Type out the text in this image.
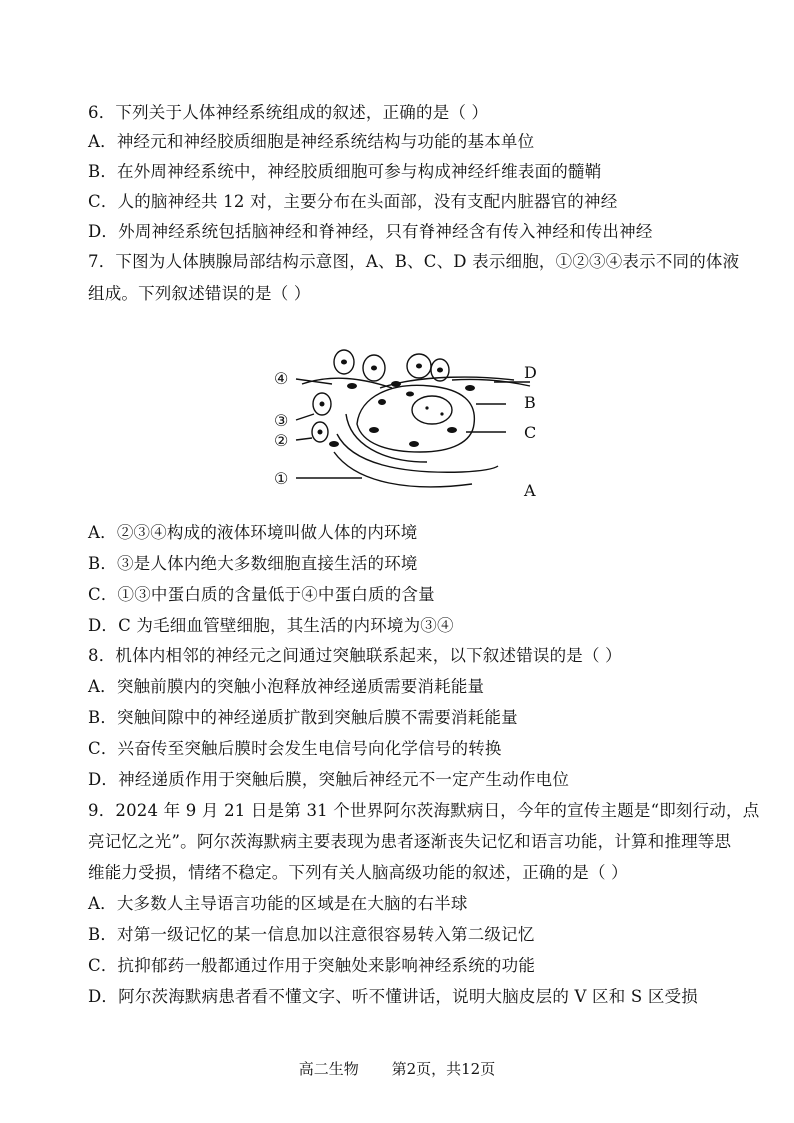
6．下列关于人体神经系统组成的叙述，正确的是（ ）
A．神经元和神经胶质细胞是神经系统结构与功能的基本单位
B．在外周神经系统中，神经胶质细胞可参与构成神经纤维表面的髓鞘
C．人的脑神经共 12 对，主要分布在头面部，没有支配内脏器官的神经
D．外周神经系统包括脑神经和脊神经，只有脊神经含有传入神经和传出神经
7．下图为人体胰腺局部结构示意图，A、B、C、D 表示细胞，①②③④表示不同的体液
组成。下列叙述错误的是（ ）
④
③
②
①
D
B
C
A
A．②③④构成的液体环境叫做人体的内环境
B．③是人体内绝大多数细胞直接生活的环境
C．①③中蛋白质的含量低于④中蛋白质的含量
D．C 为毛细血管壁细胞，其生活的内环境为③④
8．机体内相邻的神经元之间通过突触联系起来，以下叙述错误的是（ ）
A．突触前膜内的突触小泡释放神经递质需要消耗能量
B．突触间隙中的神经递质扩散到突触后膜不需要消耗能量
C．兴奋传至突触后膜时会发生电信号向化学信号的转换
D．神经递质作用于突触后膜，突触后神经元不一定产生动作电位
9．2024 年 9 月 21 日是第 31 个世界阿尔茨海默病日，今年的宣传主题是“即刻行动，点
亮记忆之光”。阿尔茨海默病主要表现为患者逐渐丧失记忆和语言功能，计算和推理等思
维能力受损，情绪不稳定。下列有关人脑高级功能的叙述，正确的是（ ）
A．大多数人主导语言功能的区域是在大脑的右半球
B．对第一级记忆的某一信息加以注意很容易转入第二级记忆
C．抗抑郁药一般都通过作用于突触处来影响神经系统的功能
D．阿尔茨海默病患者看不懂文字、听不懂讲话，说明大脑皮层的 V 区和 S 区受损
高二生物 第2页，共12页
